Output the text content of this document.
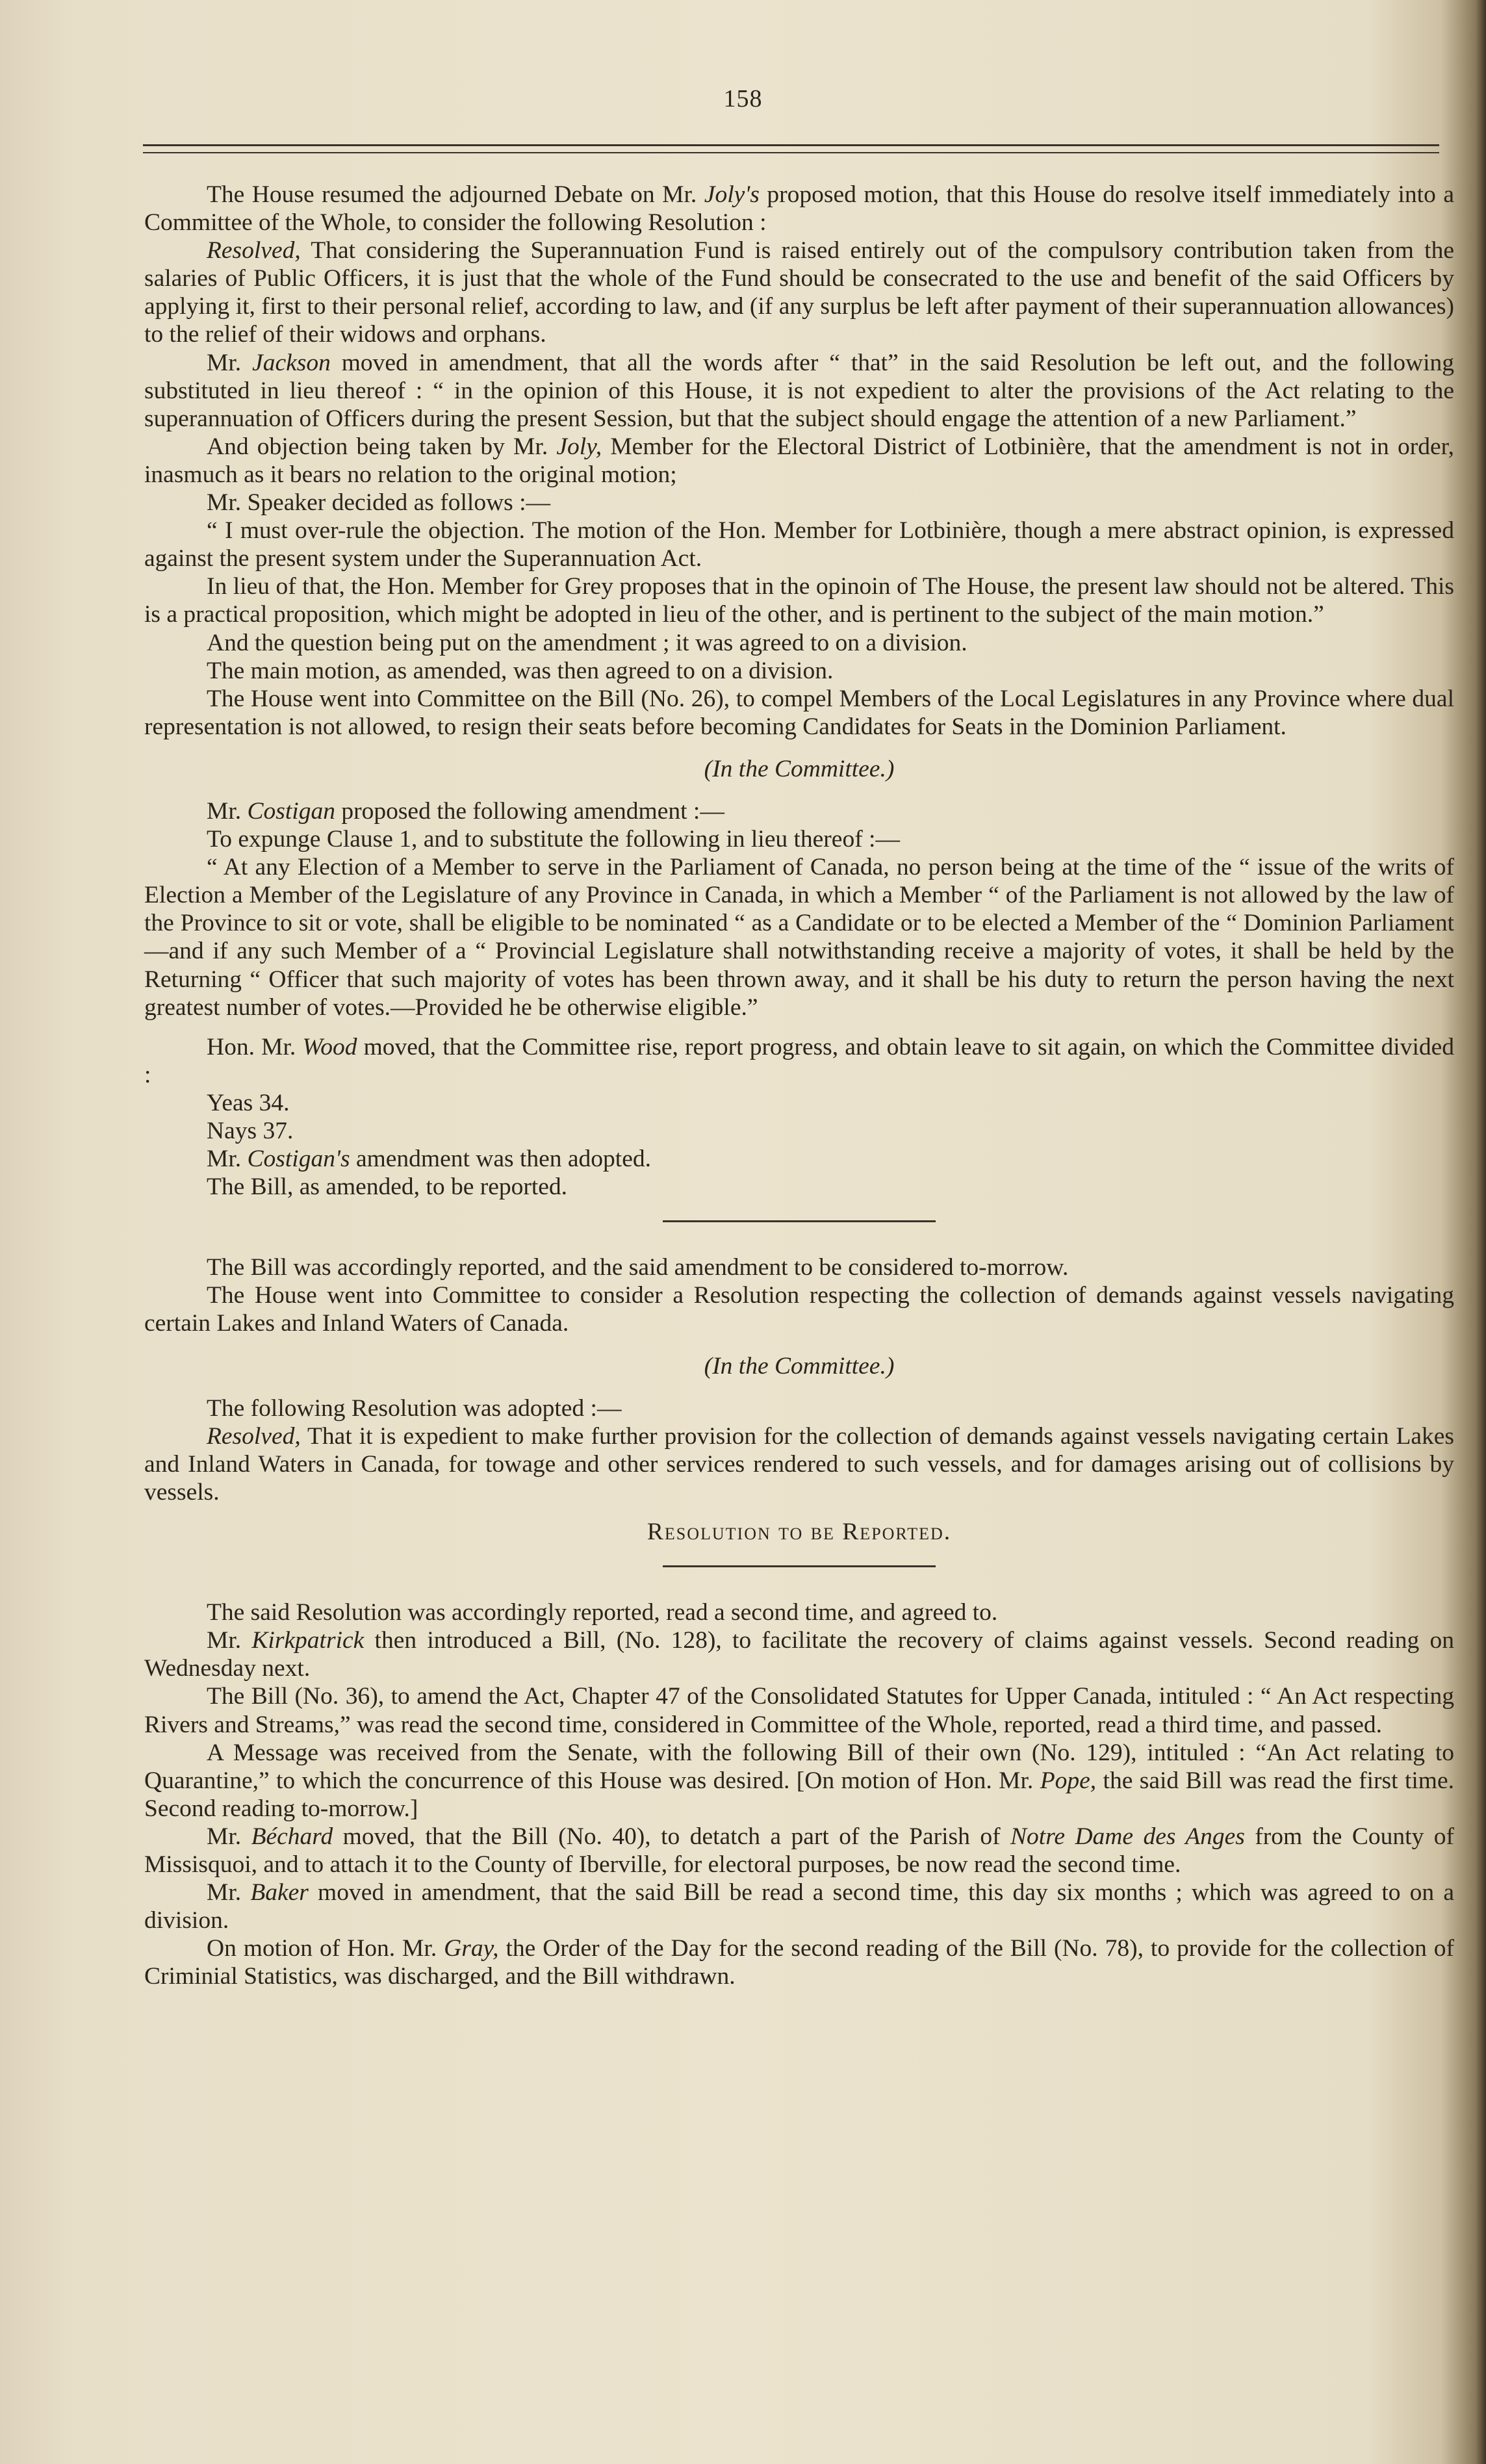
158

The House resumed the adjourned Debate on Mr. Joly's proposed motion, that this House do resolve itself immediately into a Committee of the Whole, to consider the following Resolution :

Resolved, That considering the Superannuation Fund is raised entirely out of the compulsory contribution taken from the salaries of Public Officers, it is just that the whole of the Fund should be consecrated to the use and benefit of the said Officers by applying it, first to their personal relief, according to law, and (if any surplus be left after payment of their superannuation allowances) to the relief of their widows and orphans.

Mr. Jackson moved in amendment, that all the words after “ that” in the said Resolution be left out, and the following substituted in lieu thereof : “ in the opinion of this House, it is not expedient to alter the provisions of the Act relating to the superannuation of Officers during the present Session, but that the subject should engage the attention of a new Parliament.”

And objection being taken by Mr. Joly, Member for the Electoral District of Lotbinière, that the amendment is not in order, inasmuch as it bears no relation to the original motion;

Mr. Speaker decided as follows :—

“ I must over-rule the objection. The motion of the Hon. Member for Lotbinière, though a mere abstract opinion, is expressed against the present system under the Superannuation Act.

In lieu of that, the Hon. Member for Grey proposes that in the opinoin of The House, the present law should not be altered. This is a practical proposition, which might be adopted in lieu of the other, and is pertinent to the subject of the main motion.”

And the question being put on the amendment ; it was agreed to on a division.

The main motion, as amended, was then agreed to on a division.

The House went into Committee on the Bill (No. 26), to compel Members of the Local Legislatures in any Province where dual representation is not allowed, to resign their seats before becoming Candidates for Seats in the Dominion Parliament.

(In the Committee.)

Mr. Costigan proposed the following amendment :—

To expunge Clause 1, and to substitute the following in lieu thereof :—

“ At any Election of a Member to serve in the Parliament of Canada, no person being at the time of the “ issue of the writs of Election a Member of the Legislature of any Province in Canada, in which a Member “ of the Parliament is not allowed by the law of the Province to sit or vote, shall be eligible to be nominated “ as a Candidate or to be elected a Member of the “ Dominion Parliament—and if any such Member of a “ Provincial Legislature shall notwithstanding receive a majority of votes, it shall be held by the Returning “ Officer that such majority of votes has been thrown away, and it shall be his duty to return the person having the next greatest number of votes.—Provided he be otherwise eligible.”

Hon. Mr. Wood moved, that the Committee rise, report progress, and obtain leave to sit again, on which the Committee divided :

Yeas 34.

Nays 37.

Mr. Costigan's amendment was then adopted.

The Bill, as amended, to be reported.

The Bill was accordingly reported, and the said amendment to be considered to-morrow.

The House went into Committee to consider a Resolution respecting the collection of demands against vessels navigating certain Lakes and Inland Waters of Canada.

(In the Committee.)

The following Resolution was adopted :—

Resolved, That it is expedient to make further provision for the collection of demands against vessels navigating certain Lakes and Inland Waters in Canada, for towage and other services rendered to such vessels, and for damages arising out of collisions by vessels.

Resolution to be Reported.

The said Resolution was accordingly reported, read a second time, and agreed to.

Mr. Kirkpatrick then introduced a Bill, (No. 128), to facilitate the recovery of claims against vessels. Second reading on Wednesday next.

The Bill (No. 36), to amend the Act, Chapter 47 of the Consolidated Statutes for Upper Canada, intituled : “ An Act respecting Rivers and Streams,” was read the second time, considered in Committee of the Whole, reported, read a third time, and passed.

A Message was received from the Senate, with the following Bill of their own (No. 129), intituled : “An Act relating to Quarantine,” to which the concurrence of this House was desired. [On motion of Hon. Mr. Pope, the said Bill was read the first time. Second reading to-morrow.]

Mr. Béchard moved, that the Bill (No. 40), to detatch a part of the Parish of Notre Dame des Anges from the County of Missisquoi, and to attach it to the County of Iberville, for electoral purposes, be now read the second time.

Mr. Baker moved in amendment, that the said Bill be read a second time, this day six months ; which was agreed to on a division.

On motion of Hon. Mr. Gray, the Order of the Day for the second reading of the Bill (No. 78), to provide for the collection of Criminial Statistics, was discharged, and the Bill withdrawn.
